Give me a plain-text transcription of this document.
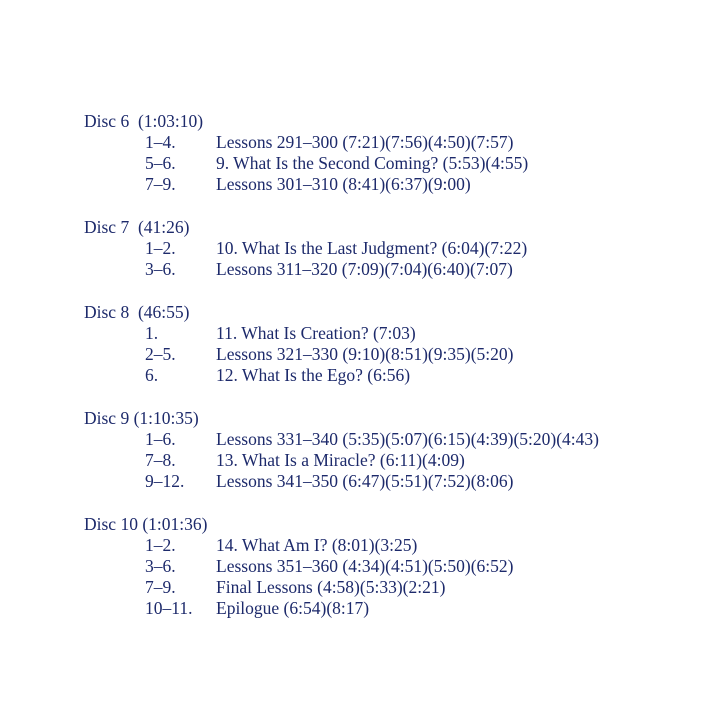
Disc 6  (1:03:10)
1–4.	Lessons 291–300 (7:21)(7:56)(4:50)(7:57)
5–6.	9. What Is the Second Coming? (5:53)(4:55)
7–9.	Lessons 301–310 (8:41)(6:37)(9:00)
Disc 7  (41:26)
1–2.	10. What Is the Last Judgment? (6:04)(7:22)
3–6.	Lessons 311–320 (7:09)(7:04)(6:40)(7:07)
Disc 8  (46:55)
1.	11. What Is Creation? (7:03)
2–5.	Lessons 321–330 (9:10)(8:51)(9:35)(5:20)
6.	12. What Is the Ego? (6:56)
Disc 9 (1:10:35)
1–6.	Lessons 331–340 (5:35)(5:07)(6:15)(4:39)(5:20)(4:43)
7–8.	13. What Is a Miracle? (6:11)(4:09)
9–12.	Lessons 341–350 (6:47)(5:51)(7:52)(8:06)
Disc 10 (1:01:36)
1–2.	14. What Am I? (8:01)(3:25)
3–6.	Lessons 351–360 (4:34)(4:51)(5:50)(6:52)
7–9.	Final Lessons (4:58)(5:33)(2:21)
10–11.	Epilogue (6:54)(8:17)
